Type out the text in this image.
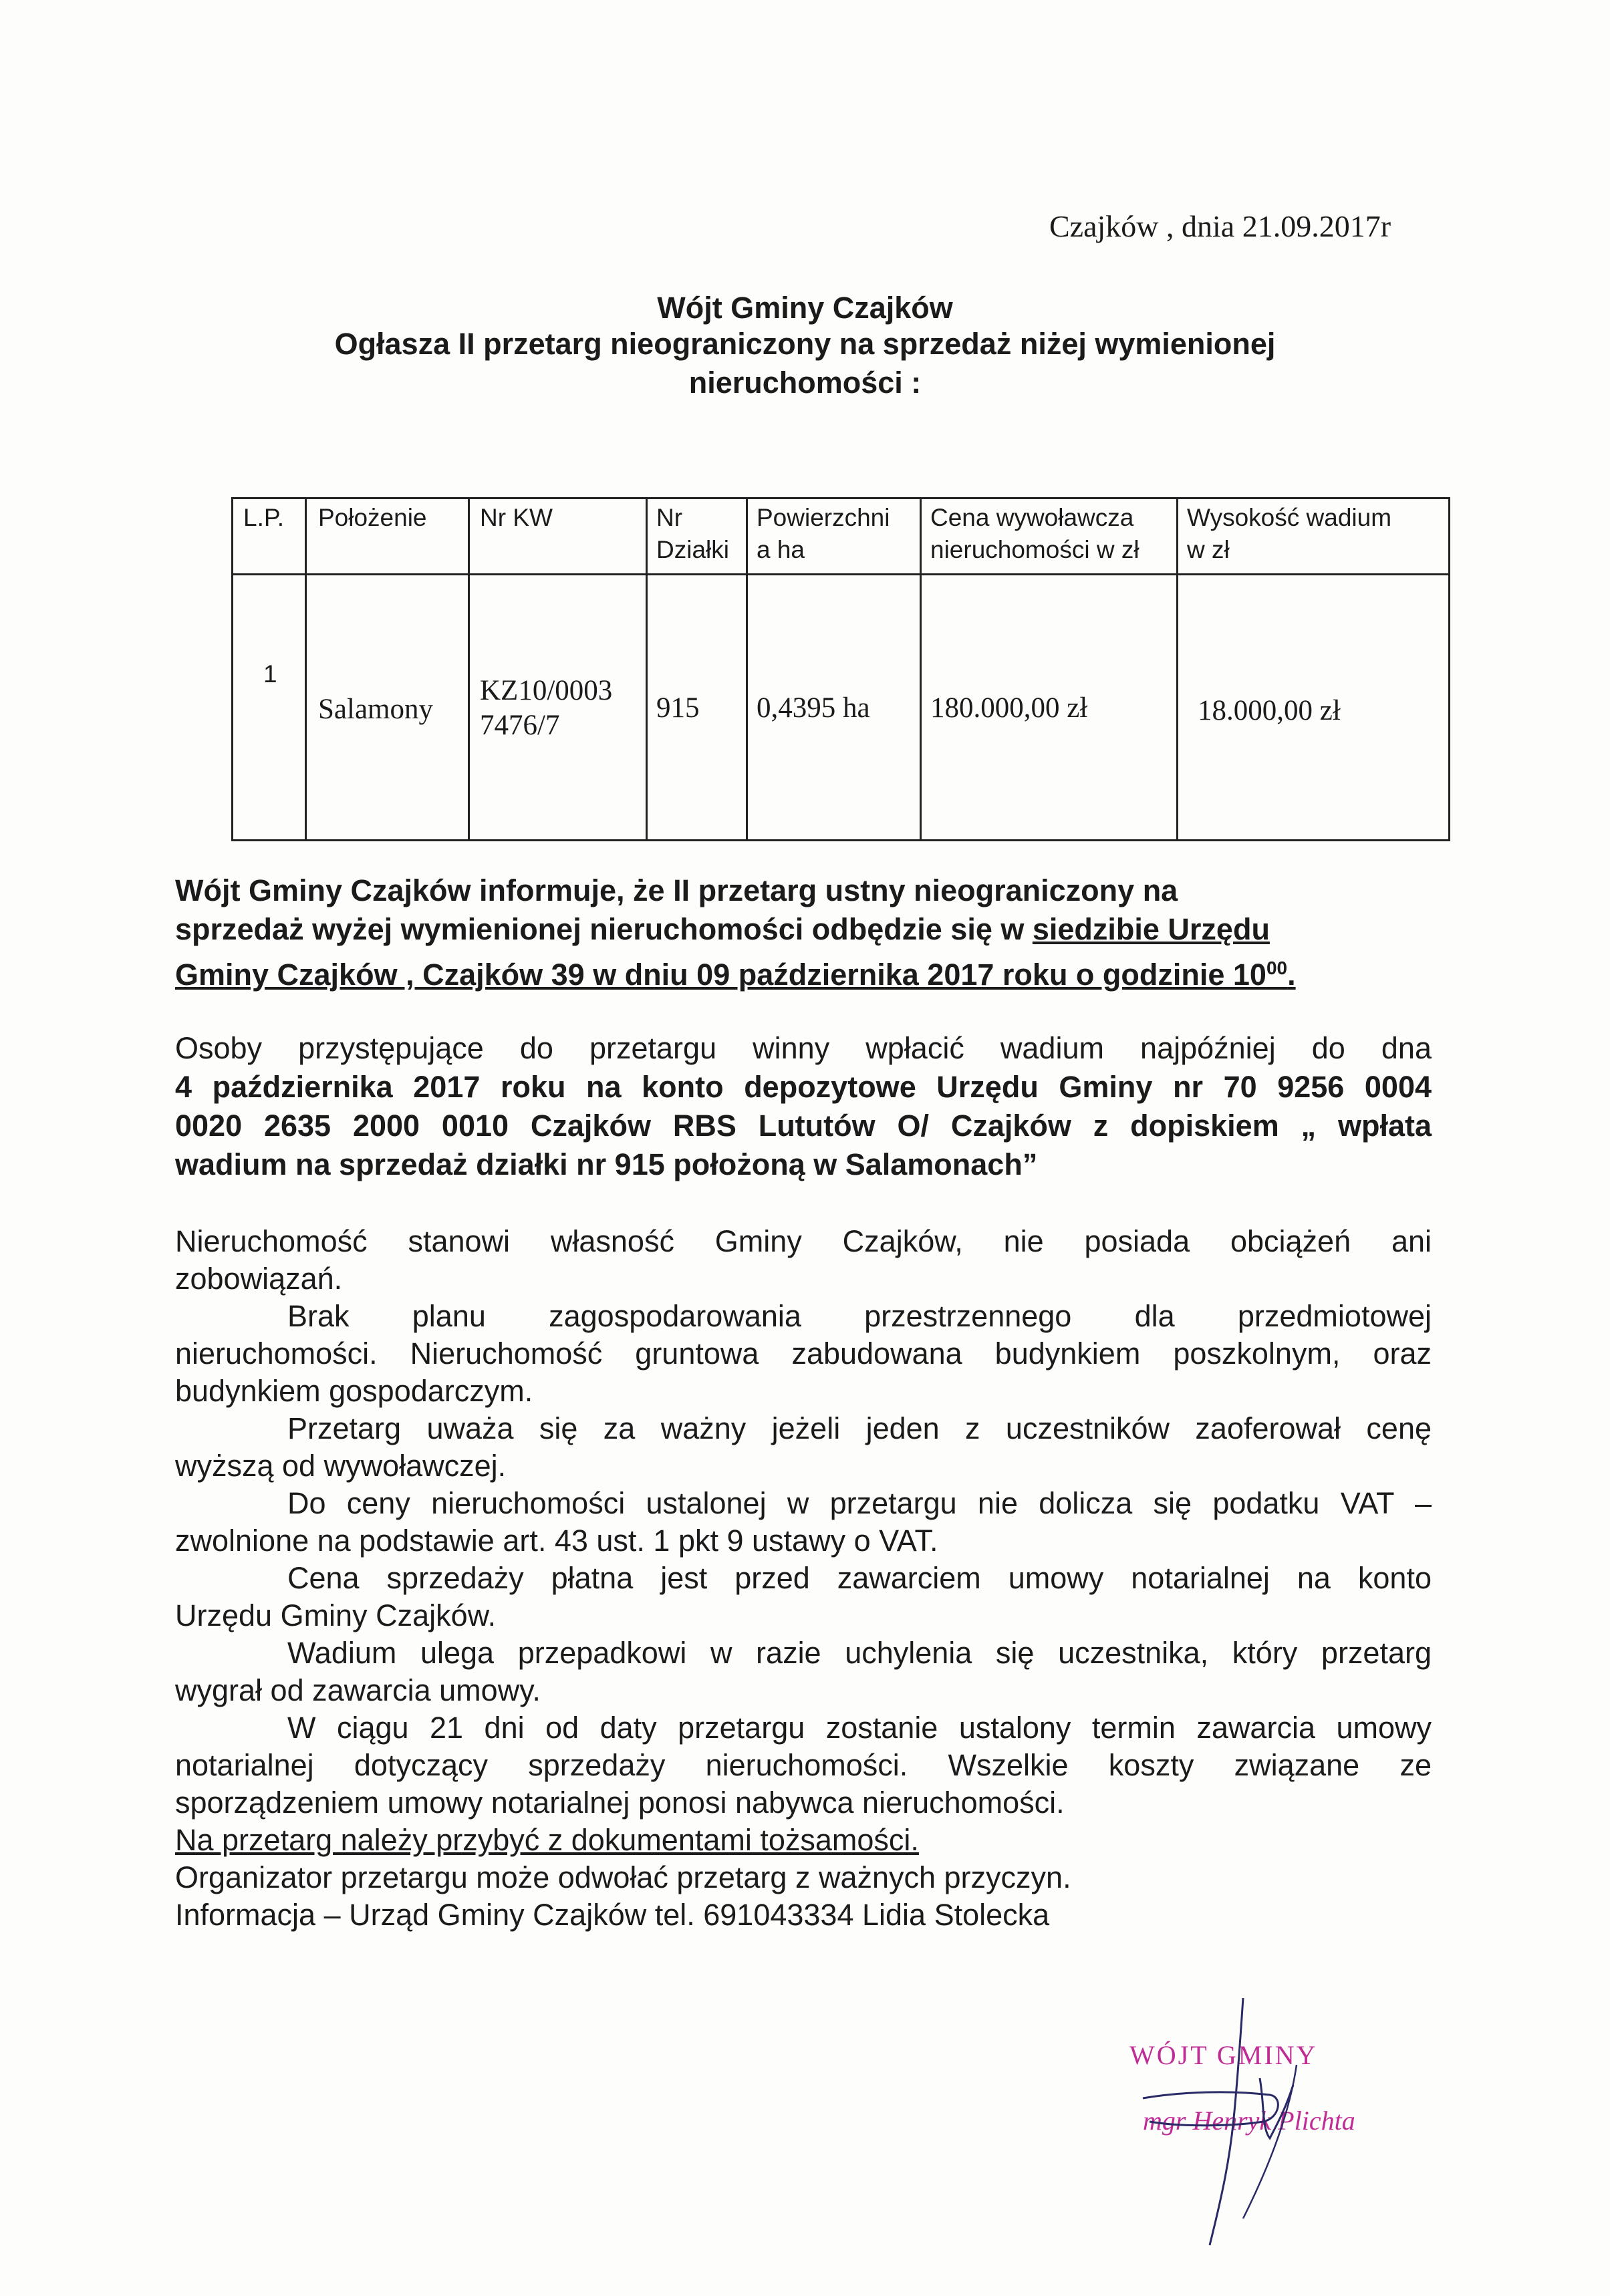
Czajków , dnia 21.09.2017r
Wójt Gminy Czajków
Ogłasza II przetarg nieograniczony na sprzedaż niżej wymienionej
nieruchomości :
L.P. Położenie Nr KW	Nr
Działki
Powierzchni
a ha
Cena wywoławcza
nieruchomości w zł
Wysokość wadium
w zł
1
Salamony
KZ10/0003
7476/7
915 0,4395 ha 180.000,00 zł	18.000,00 zł
Wójt Gminy Czajków informuje, że II przetarg ustny nieograniczony na
sprzedaż wyżej wymienionej nieruchomości odbędzie się w siedzibie Urzędu
Gminy Czajków , Czajków 39 w dniu 09 października 2017 roku o godzinie $10^{00}$.
Osoby przystępujące do przetargu winny wpłacić wadium najpóźniej do dna
4 października 2017 roku na konto depozytowe Urzędu Gminy nr 70 9256 0004
0020 2635 2000 0010 Czajków RBS Lututów O/ Czajków z dopiskiem „ wpłata
wadium na sprzedaż działki nr 915 położoną w Salamonach”
Nieruchomość stanowi własność Gminy Czajków, nie posiada obciążeń ani
zobowiązań.
Brak planu zagospodarowania przestrzennego dla przedmiotowej
nieruchomości. Nieruchomość gruntowa zabudowana budynkiem poszkolnym, oraz
budynkiem gospodarczym.
Przetarg uważa się za ważny jeżeli jeden z uczestników zaoferował cenę
wyższą od wywoławczej.
Do ceny nieruchomości ustalonej w przetargu nie dolicza się podatku VAT –
zwolnione na podstawie art. 43 ust. 1 pkt 9 ustawy o VAT.
Cena sprzedaży płatna jest przed zawarciem umowy notarialnej na konto
Urzędu Gminy Czajków.
Wadium ulega przepadkowi w razie uchylenia się uczestnika, który przetarg
wygrał od zawarcia umowy.
W ciągu 21 dni od daty przetargu zostanie ustalony termin zawarcia umowy
notarialnej dotyczący sprzedaży nieruchomości. Wszelkie koszty związane ze
sporządzeniem umowy notarialnej ponosi nabywca nieruchomości.
Na przetarg należy przybyć z dokumentami tożsamości.
Organizator przetargu może odwołać przetarg z ważnych przyczyn.
Informacja – Urząd Gminy Czajków tel. 691043334 Lidia Stolecka
WÓJT GMINY
mgr Henryk Plichta
